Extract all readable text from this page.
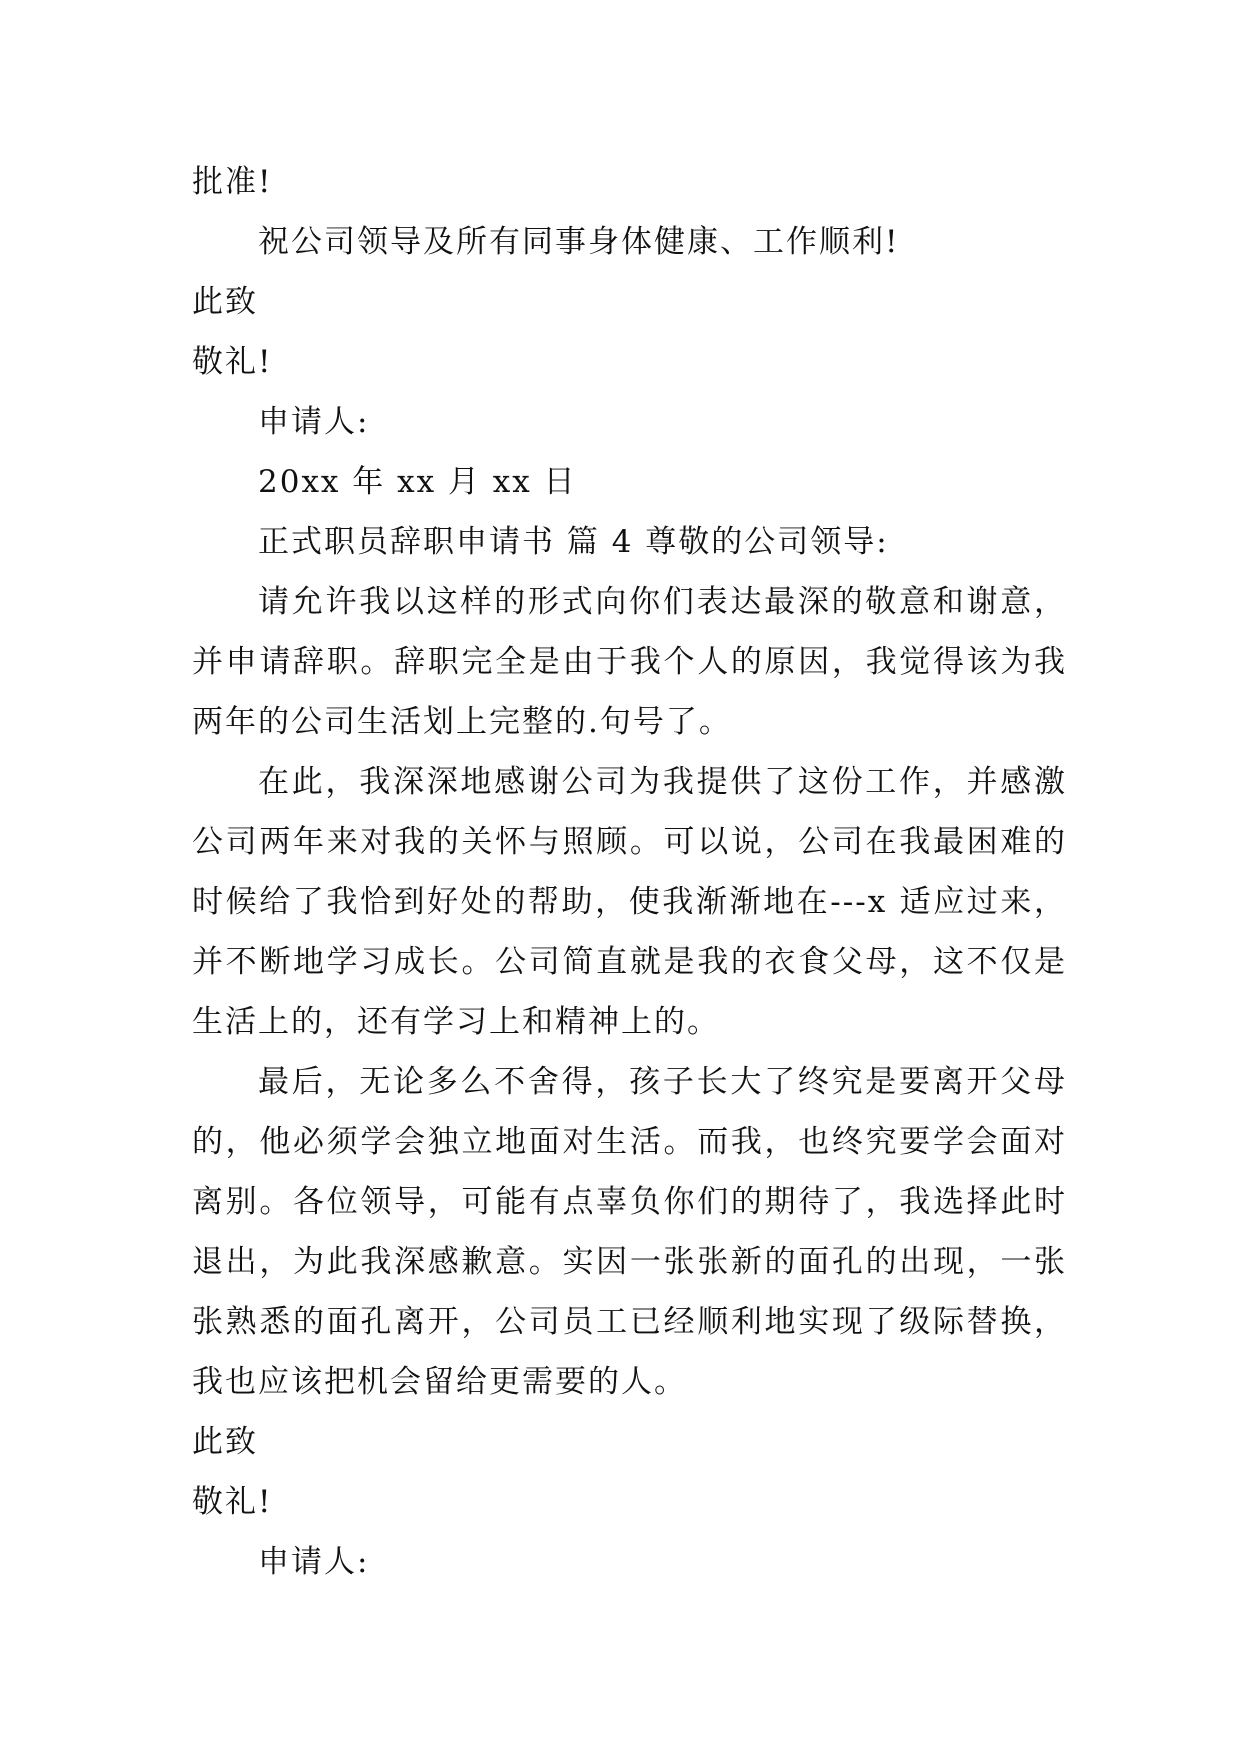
批准!
祝公司领导及所有同事身体健康、工作顺利!
此致
敬礼!
申请人:
20xx 年 xx 月 xx 日
正式职员辞职申请书 篇 4 尊敬的公司领导:
请允许我以这样的形式向你们表达最深的敬意和谢意，并申请辞职。辞职完全是由于我个人的原因，我觉得该为我两年的公司生活划上完整的.句号了。
在此，我深深地感谢公司为我提供了这份工作，并感激公司两年来对我的关怀与照顾。可以说，公司在我最困难的时候给了我恰到好处的帮助，使我渐渐地在---x 适应过来，并不断地学习成长。公司简直就是我的衣食父母，这不仅是生活上的，还有学习上和精神上的。
最后，无论多么不舍得，孩子长大了终究是要离开父母的，他必须学会独立地面对生活。而我，也终究要学会面对离别。各位领导，可能有点辜负你们的期待了，我选择此时退出，为此我深感歉意。实因一张张新的面孔的出现，一张张熟悉的面孔离开，公司员工已经顺利地实现了级际替换，我也应该把机会留给更需要的人。
此致
敬礼!
申请人:
